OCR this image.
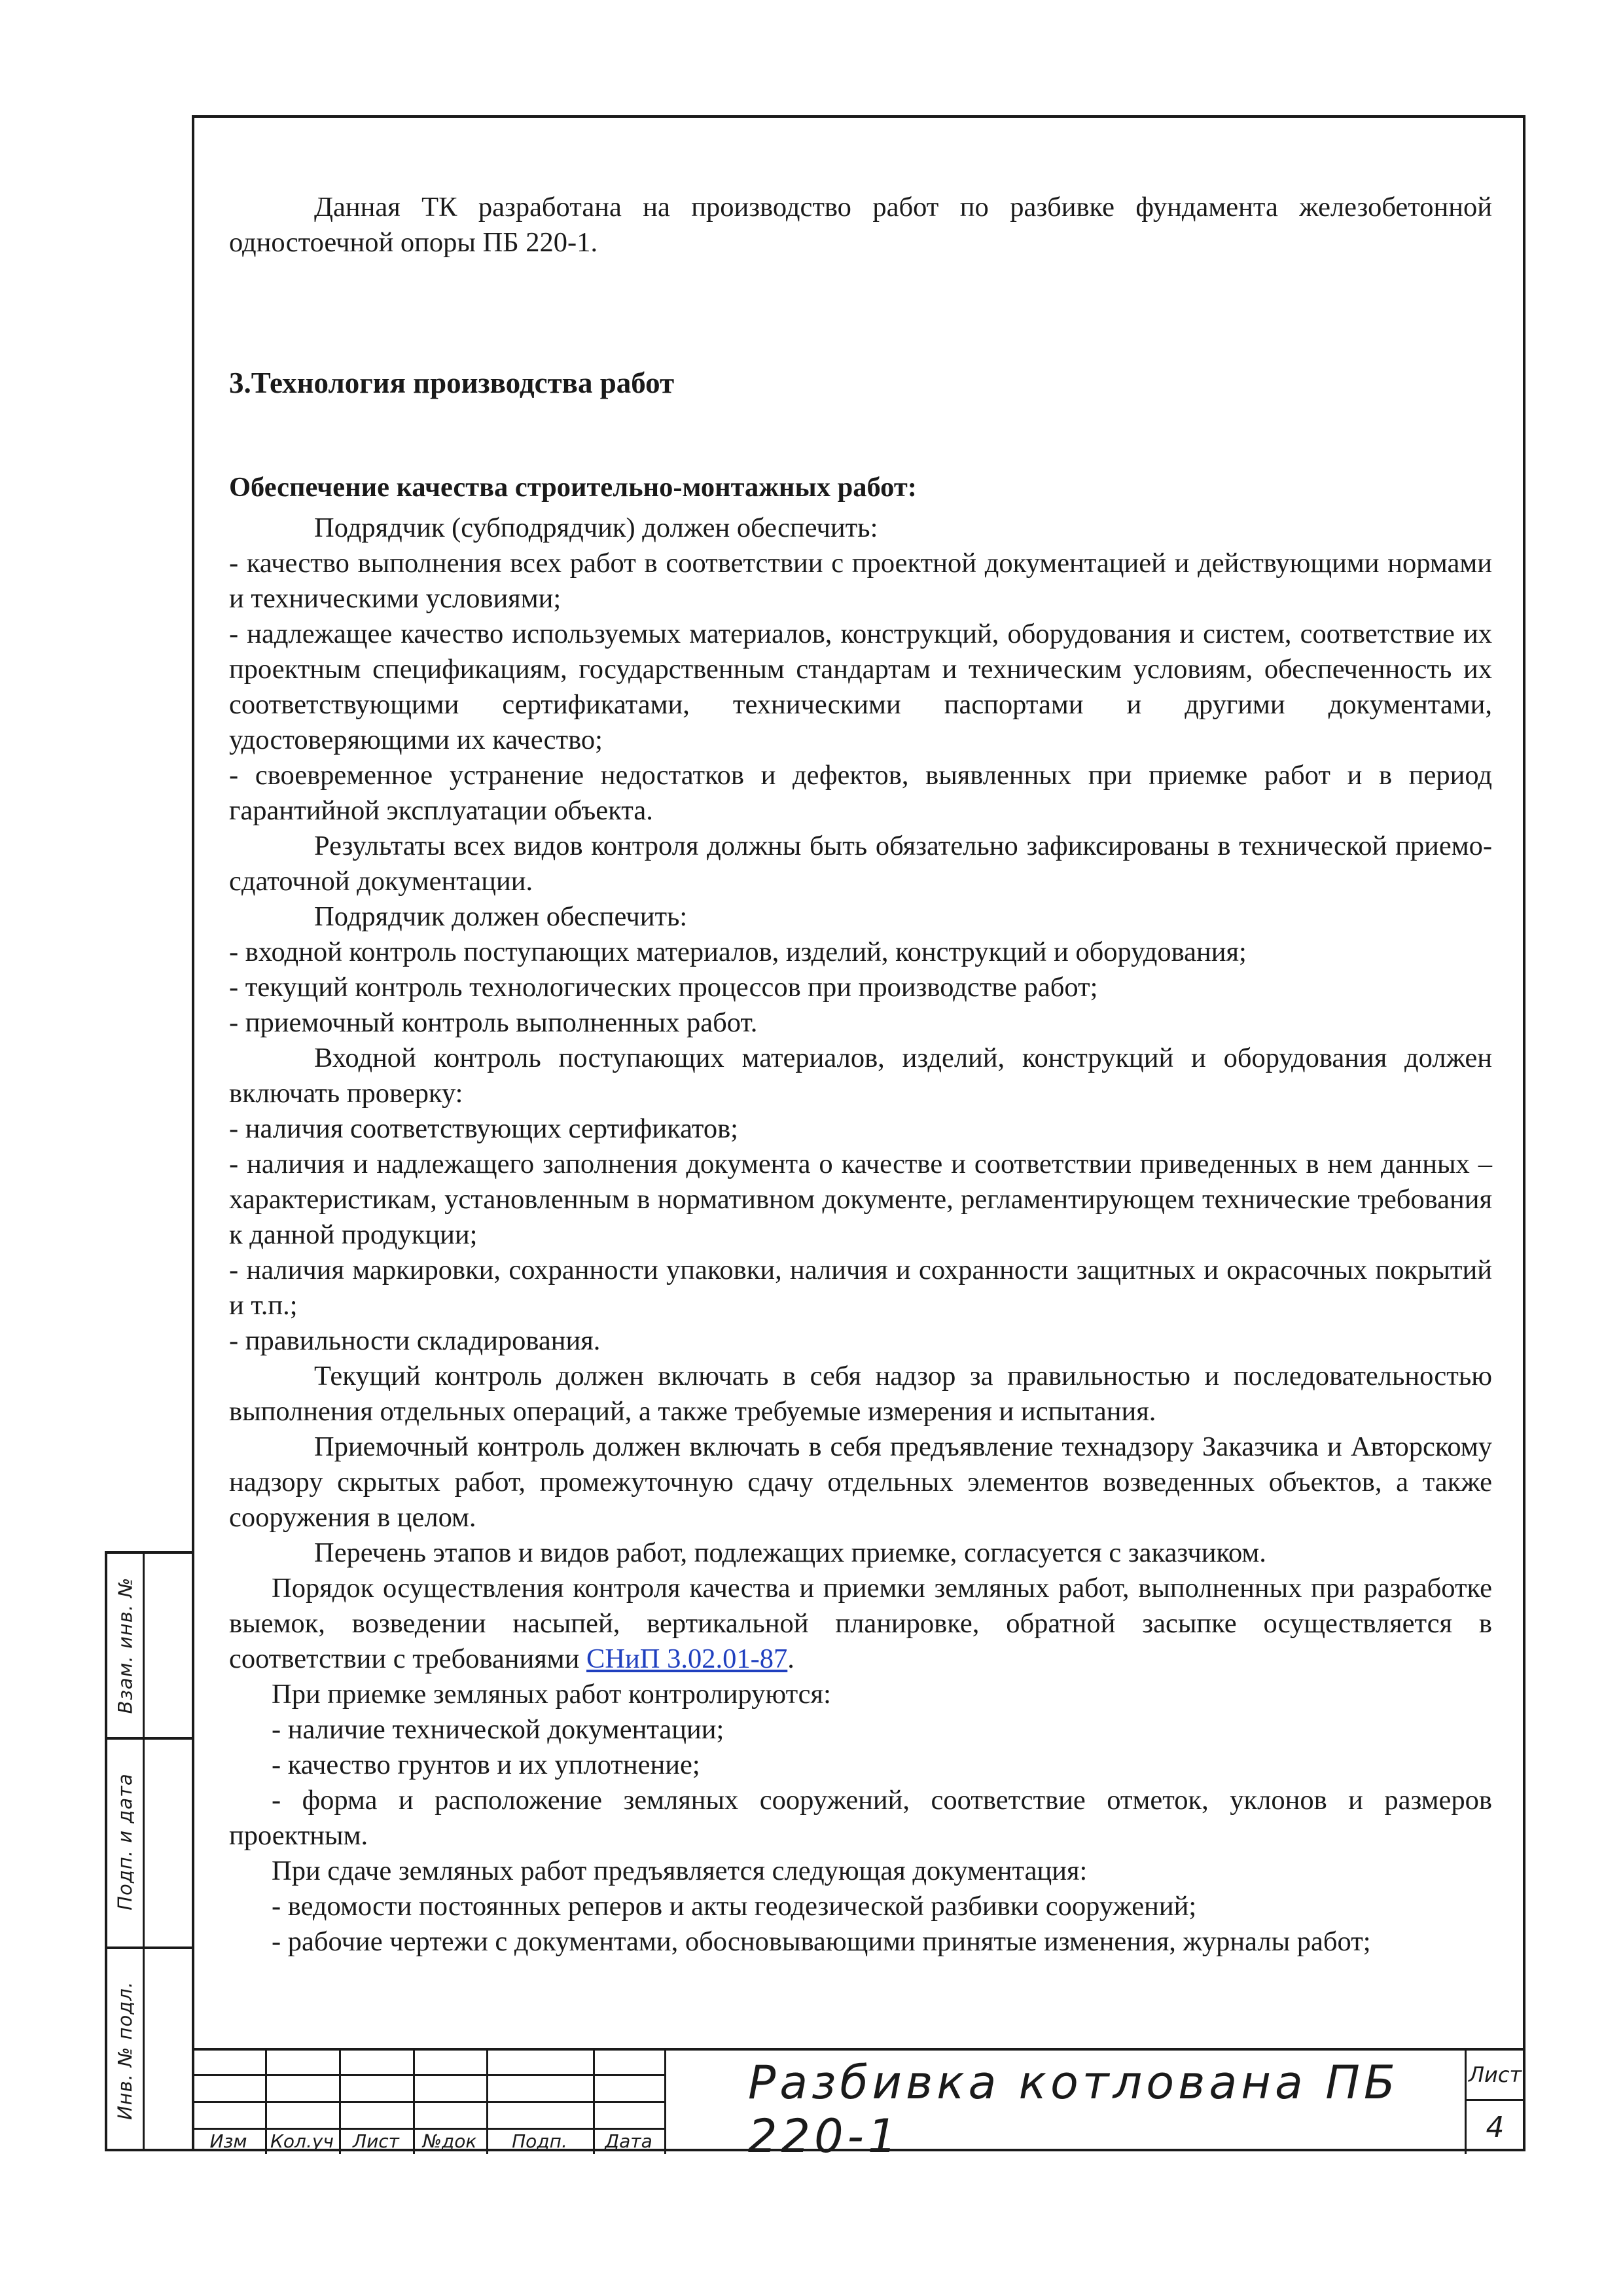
Взам. инв. №
Подп. и дата
Инв. № подл.

Данная ТК разработана на производство работ по разбивке фундамента железобетонной одностоечной опоры ПБ 220-1.

3.Технология производства работ
Обеспечение качества строительно-монтажных работ:

Подрядчик (субподрядчик) должен обеспечить:

- качество выполнения всех работ в соответствии с проектной документацией и действующими нормами и техническими условиями;

- надлежащее качество используемых материалов, конструкций, оборудования и систем, соответствие их проектным спецификациям, государственным стандартам и техническим условиям, обеспеченность их соответствующими сертификатами, техническими паспортами и другими документами, удостоверяющими их качество;

- своевременное устранение недостатков и дефектов, выявленных при приемке работ и в период гарантийной эксплуатации объекта.

Результаты всех видов контроля должны быть обязательно зафиксированы в технической приемо-сдаточной документации.

Подрядчик должен обеспечить:

- входной контроль поступающих материалов, изделий, конструкций и оборудования;

- текущий контроль технологических процессов при производстве работ;

- приемочный контроль выполненных работ.

Входной контроль поступающих материалов, изделий, конструкций и оборудования должен включать проверку:

- наличия соответствующих сертификатов;

- наличия и надлежащего заполнения документа о качестве и соответствии приведенных в нем данных – характеристикам, установленным в нормативном документе, регламентирующем технические требования к данной продукции;

- наличия маркировки, сохранности упаковки, наличия и сохранности защитных и окрасочных покрытий и т.п.;

- правильности складирования.

Текущий контроль должен включать в себя надзор за правильностью и последовательностью выполнения отдельных операций, а также требуемые измерения и испытания.

Приемочный контроль должен включать в себя предъявление технадзору Заказчика и Авторскому надзору скрытых работ, промежуточную сдачу отдельных элементов возведенных объектов, а также сооружения в целом.

Перечень этапов и видов работ, подлежащих приемке, согласуется с заказчиком.

Порядок осуществления контроля качества и приемки земляных работ, выполненных при разработке выемок, возведении насыпей, вертикальной планировке, обратной засыпке осуществляется в соответствии с требованиями СНиП 3.02.01-87.

При приемке земляных работ контролируются:

- наличие технической документации;

- качество грунтов и их уплотнение;

- форма и расположение земляных сооружений, соответствие отметок, уклонов и размеров проектным.

При сдаче земляных работ предъявляется следующая документация:

- ведомости постоянных реперов и акты геодезической разбивки сооружений;

- рабочие чертежи с документами, обосновывающими принятые изменения, журналы работ;

Изм	Кол.уч	Лист	№док	Подп.	Дата
Разбивка котлована ПБ 220-1
Лист
4
